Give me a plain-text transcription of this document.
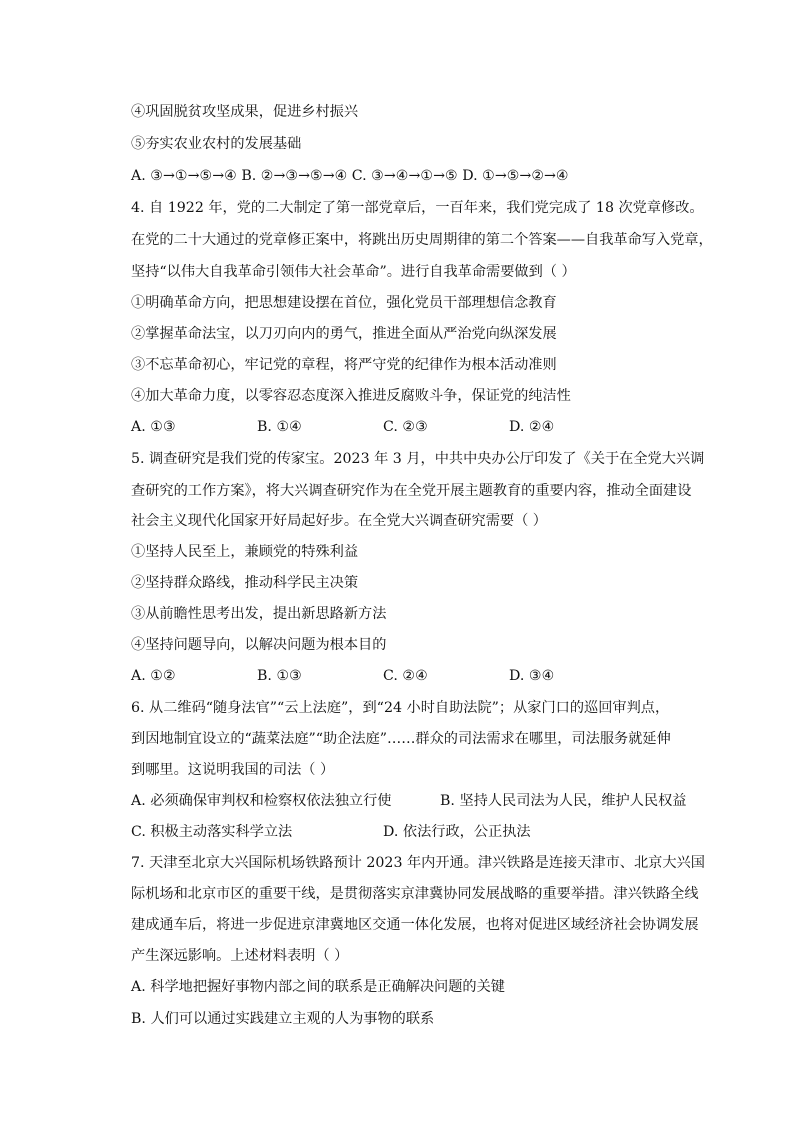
④巩固脱贫攻坚成果，促进乡村振兴
⑤夯实农业农村的发展基础
A. ③→①→⑤→④ B. ②→③→⑤→④ C. ③→④→①→⑤ D. ①→⑤→②→④
4. 自 1922 年，党的二大制定了第一部党章后，一百年来，我们党完成了 18 次党章修改。
在党的二十大通过的党章修正案中，将跳出历史周期律的第二个答案——自我革命写入党章，
坚持“以伟大自我革命引领伟大社会革命”。进行自我革命需要做到（ ）
①明确革命方向，把思想建设摆在首位，强化党员干部理想信念教育
②掌握革命法宝，以刀刃向内的勇气，推进全面从严治党向纵深发展
③不忘革命初心，牢记党的章程，将严守党的纪律作为根本活动准则
④加大革命力度，以零容忍态度深入推进反腐败斗争，保证党的纯洁性
A. ①③	B. ①④	C. ②③	D. ②④
5. 调查研究是我们党的传家宝。2023 年 3 月，中共中央办公厅印发了《关于在全党大兴调
查研究的工作方案》，将大兴调查研究作为在全党开展主题教育的重要内容，推动全面建设
社会主义现代化国家开好局起好步。在全党大兴调查研究需要（ ）
①坚持人民至上，兼顾党的特殊利益
②坚持群众路线，推动科学民主决策
③从前瞻性思考出发，提出新思路新方法
④坚持问题导向，以解决问题为根本目的
A. ①②	B. ①③	C. ②④	D. ③④
6. 从二维码“随身法官”“云上法庭”，到“24 小时自助法院”；从家门口的巡回审判点，
到因地制宜设立的“蔬菜法庭”“助企法庭”……群众的司法需求在哪里，司法服务就延伸
到哪里。这说明我国的司法（ ）
A. 必须确保审判权和检察权依法独立行使	B. 坚持人民司法为人民，维护人民权益
C. 积极主动落实科学立法	D. 依法行政，公正执法
7. 天津至北京大兴国际机场铁路预计 2023 年内开通。津兴铁路是连接天津市、北京大兴国
际机场和北京市区的重要干线，是贯彻落实京津冀协同发展战略的重要举措。津兴铁路全线
建成通车后，将进一步促进京津冀地区交通一体化发展，也将对促进区域经济社会协调发展
产生深远影响。上述材料表明（ ）
A. 科学地把握好事物内部之间的联系是正确解决问题的关键
B. 人们可以通过实践建立主观的人为事物的联系
